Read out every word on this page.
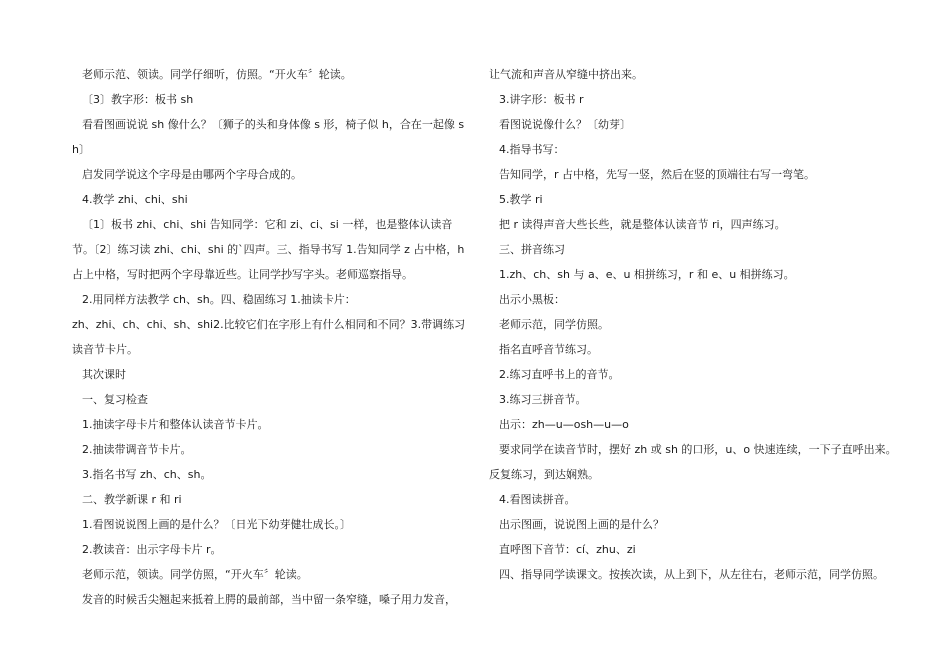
老师示范、领读。同学仔细听，仿照。“开火车〞轮读。

〔3〕教字形：板书 sh

看看图画说说 sh 像什么？〔狮子的头和身体像 s 形，椅子似 h，合在一起像 sh〕

启发同学说这个字母是由哪两个字母合成的。

4.教学 zhi、chi、shi

〔1〕板书 zhi、chi、shi 告知同学：它和 zi、ci、si 一样，也是整体认读音节。〔2〕练习读 zhi、chi、shi 的`四声。三、指导书写 1.告知同学 z 占中格，h 占上中格，写时把两个字母靠近些。让同学抄写字头。老师巡察指导。

2.用同样方法教学 ch、sh。四、稳固练习 1.抽读卡片：

zh、zhi、ch、chi、sh、shi2.比较它们在字形上有什么相同和不同？3.带调练习读音节卡片。

其次课时

一、复习检查

1.抽读字母卡片和整体认读音节卡片。

2.抽读带调音节卡片。

3.指名书写 zh、ch、sh。

二、教学新课 r 和 ri

1.看图说说图上画的是什么？〔日光下幼芽健壮成长。〕

2.教读音：出示字母卡片 r。

老师示范，领读。同学仿照，“开火车〞轮读。

发音的时候舌尖翘起来抵着上腭的最前部，当中留一条窄缝，嗓子用力发音，

让气流和声音从窄缝中挤出来。

3.讲字形：板书 r

看图说说像什么？〔幼芽〕

4.指导书写：

告知同学，r 占中格，先写一竖，然后在竖的顶端往右写一弯笔。

5.教学 ri

把 r 读得声音大些长些，就是整体认读音节 ri，四声练习。

三、拼音练习

1.zh、ch、sh 与 a、e、u 相拼练习，r 和 e、u 相拼练习。

出示小黑板：

老师示范，同学仿照。

指名直呼音节练习。

2.练习直呼书上的音节。

3.练习三拼音节。

出示：zh—u—osh—u—o

要求同学在读音节时，摆好 zh 或 sh 的口形，u、o 快速连续，一下子直呼出来。反复练习，到达娴熟。

4.看图读拼音。

出示图画，说说图上画的是什么？

直呼图下音节：cí、zhu、zi

四、指导同学读课文。按挨次读，从上到下，从左往右，老师示范，同学仿照。
